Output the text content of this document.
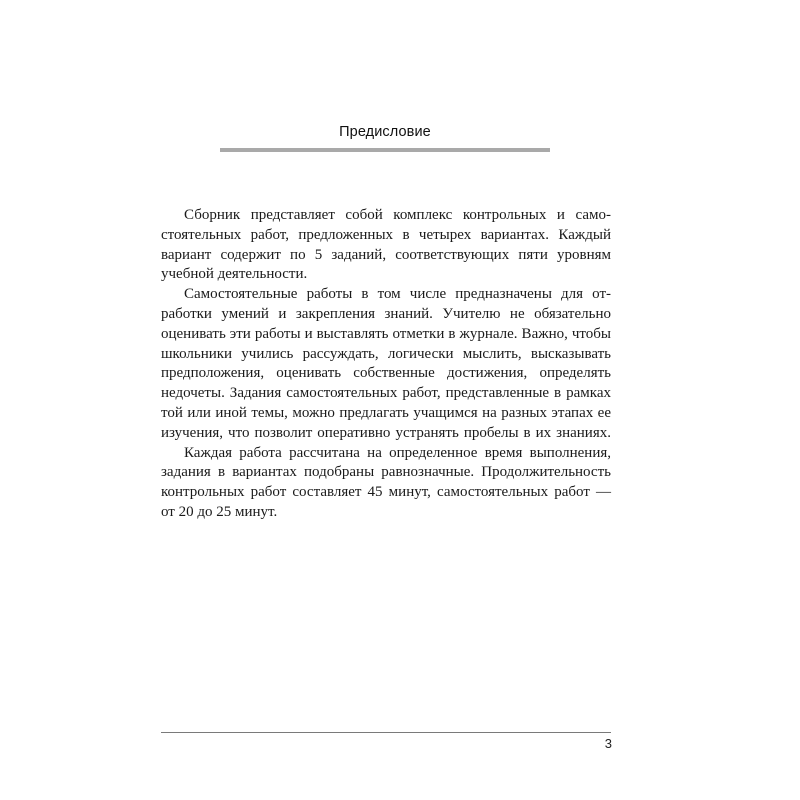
Предисловие
Сборник представляет собой комплекс контрольных и само-
стоятельных работ, предложенных в четырех вариантах. Каждый
вариант содержит по 5 заданий, соответствующих пяти уровням
учебной деятельности.
Самостоятельные работы в том числе предназначены для от-
работки умений и закрепления знаний. Учителю не обязательно
оценивать эти работы и выставлять отметки в журнале. Важно, чтобы
школьники учились рассуждать, логически мыслить, высказывать
предположения, оценивать собственные достижения, определять
недочеты. Задания самостоятельных работ, представленные в рамках
той или иной темы, можно предлагать учащимся на разных этапах ее
изучения, что позволит оперативно устранять пробелы в их знаниях.
Каждая работа рассчитана на определенное время выполнения,
задания в вариантах подобраны равнозначные. Продолжительность
контрольных работ составляет 45 минут, самостоятельных работ —
от 20 до 25 минут.
3
